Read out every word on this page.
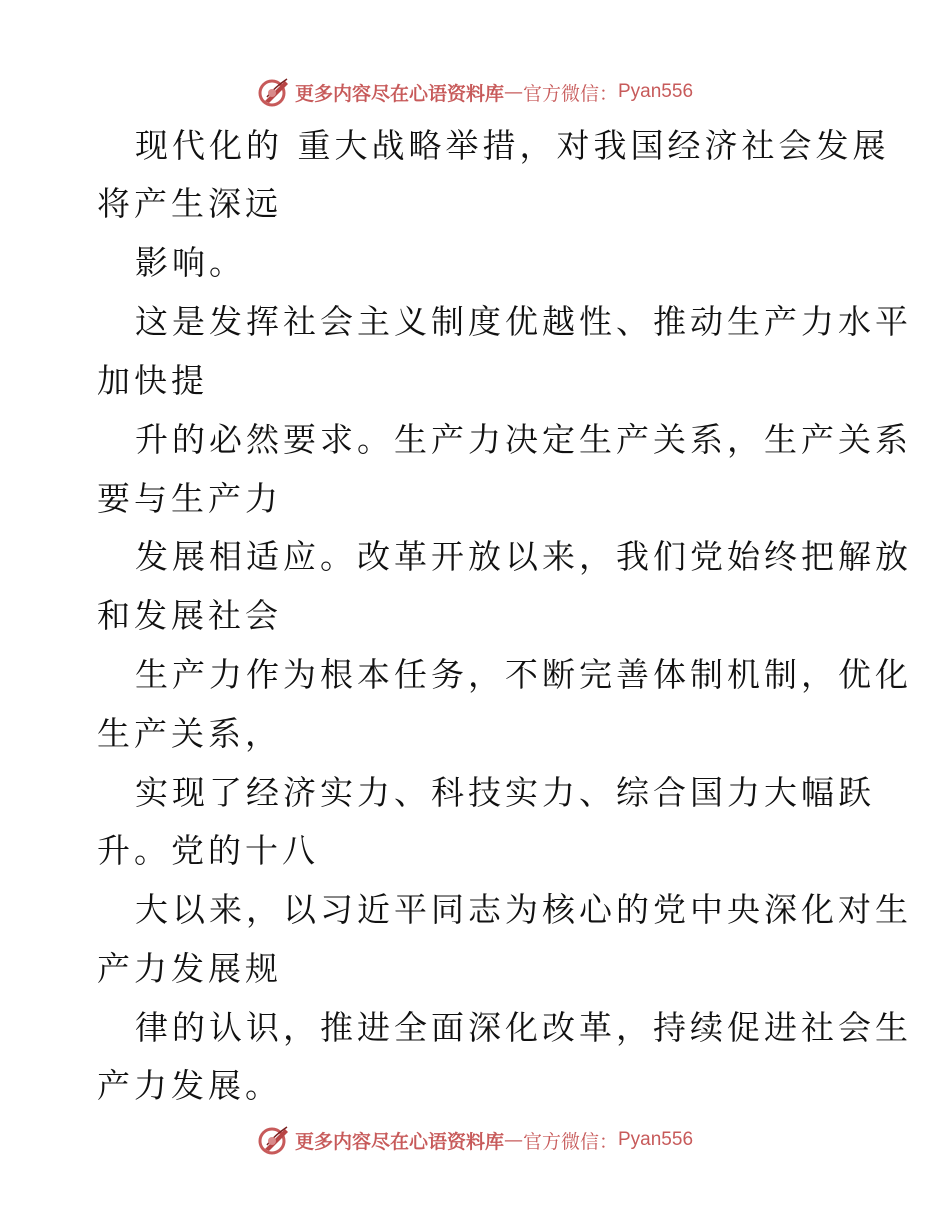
更多内容尽在心语资料库 — 官方微信： Pyan556
现代化的 重大战略举措，对我国经济社会发展
将产生深远
影响。
这是发挥社会主义制度优越性、推动生产力水平
加快提
升的必然要求。生产力决定生产关系，生产关系
要与生产力
发展相适应。改革开放以来，我们党始终把解放
和发展社会
生产力作为根本任务，不断完善体制机制，优化
生产关系，
实现了经济实力、科技实力、综合国力大幅跃
升。党的十八
大以来，以习近平同志为核心的党中央深化对生
产力发展规
律的认识，推进全面深化改革，持续促进社会生
产力发展。
更多内容尽在心语资料库 — 官方微信： Pyan556
